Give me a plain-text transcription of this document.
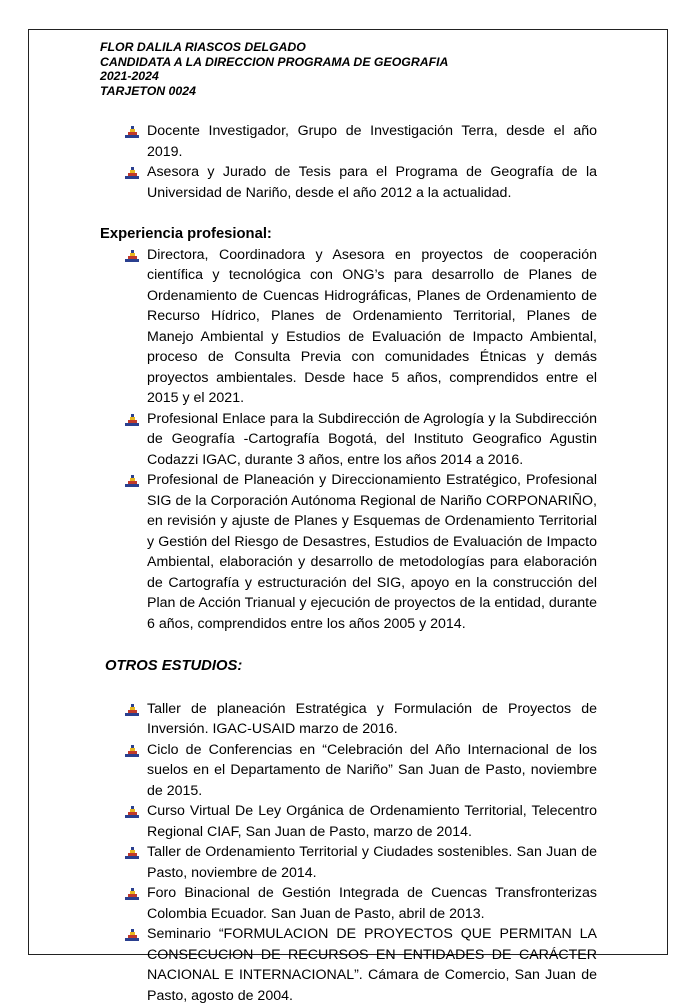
FLOR DALILA RIASCOS DELGADO
CANDIDATA A LA DIRECCION PROGRAMA DE GEOGRAFIA
2021-2024
TARJETON 0024
Docente Investigador, Grupo de Investigación Terra, desde el año 2019.
Asesora y Jurado de Tesis para el Programa de Geografía de la Universidad de Nariño, desde el año 2012 a la actualidad.
Experiencia profesional:
Directora, Coordinadora y Asesora en proyectos de cooperación científica y tecnológica con ONG’s para desarrollo de Planes de Ordenamiento de Cuencas Hidrográficas, Planes de Ordenamiento de Recurso Hídrico, Planes de Ordenamiento Territorial, Planes de Manejo Ambiental y Estudios de Evaluación de Impacto Ambiental, proceso de Consulta Previa con comunidades Étnicas y demás proyectos ambientales. Desde hace 5 años, comprendidos entre el 2015 y el 2021.
Profesional Enlace para la Subdirección de Agrología y la Subdirección de Geografía -Cartografía Bogotá, del Instituto Geografico Agustin Codazzi IGAC, durante 3 años, entre los años 2014 a 2016.
Profesional de Planeación y Direccionamiento Estratégico, Profesional SIG de la Corporación Autónoma Regional de Nariño CORPONARIÑO, en revisión y ajuste de Planes y Esquemas de Ordenamiento Territorial y Gestión del Riesgo de Desastres, Estudios de Evaluación de Impacto Ambiental, elaboración y desarrollo de metodologías para elaboración de Cartografía y estructuración del SIG, apoyo en la construcción del Plan de Acción Trianual y ejecución de proyectos de la entidad, durante 6 años, comprendidos entre los años 2005 y 2014.
OTROS ESTUDIOS:
Taller de planeación Estratégica y Formulación de Proyectos de Inversión. IGAC-USAID marzo de 2016.
Ciclo de Conferencias en “Celebración del Año Internacional de los suelos en el Departamento de Nariño” San Juan de Pasto, noviembre de 2015.
Curso Virtual De Ley Orgánica de Ordenamiento Territorial, Telecentro Regional CIAF, San Juan de Pasto, marzo de 2014.
Taller de Ordenamiento Territorial y Ciudades sostenibles. San Juan de Pasto, noviembre de 2014.
Foro Binacional de Gestión Integrada de Cuencas Transfronterizas Colombia Ecuador. San Juan de Pasto, abril de 2013.
Seminario “FORMULACION DE PROYECTOS QUE PERMITAN LA CONSECUCION DE RECURSOS EN ENTIDADES DE CARÁCTER NACIONAL E INTERNACIONAL”. Cámara de Comercio, San Juan de Pasto, agosto de 2004.
